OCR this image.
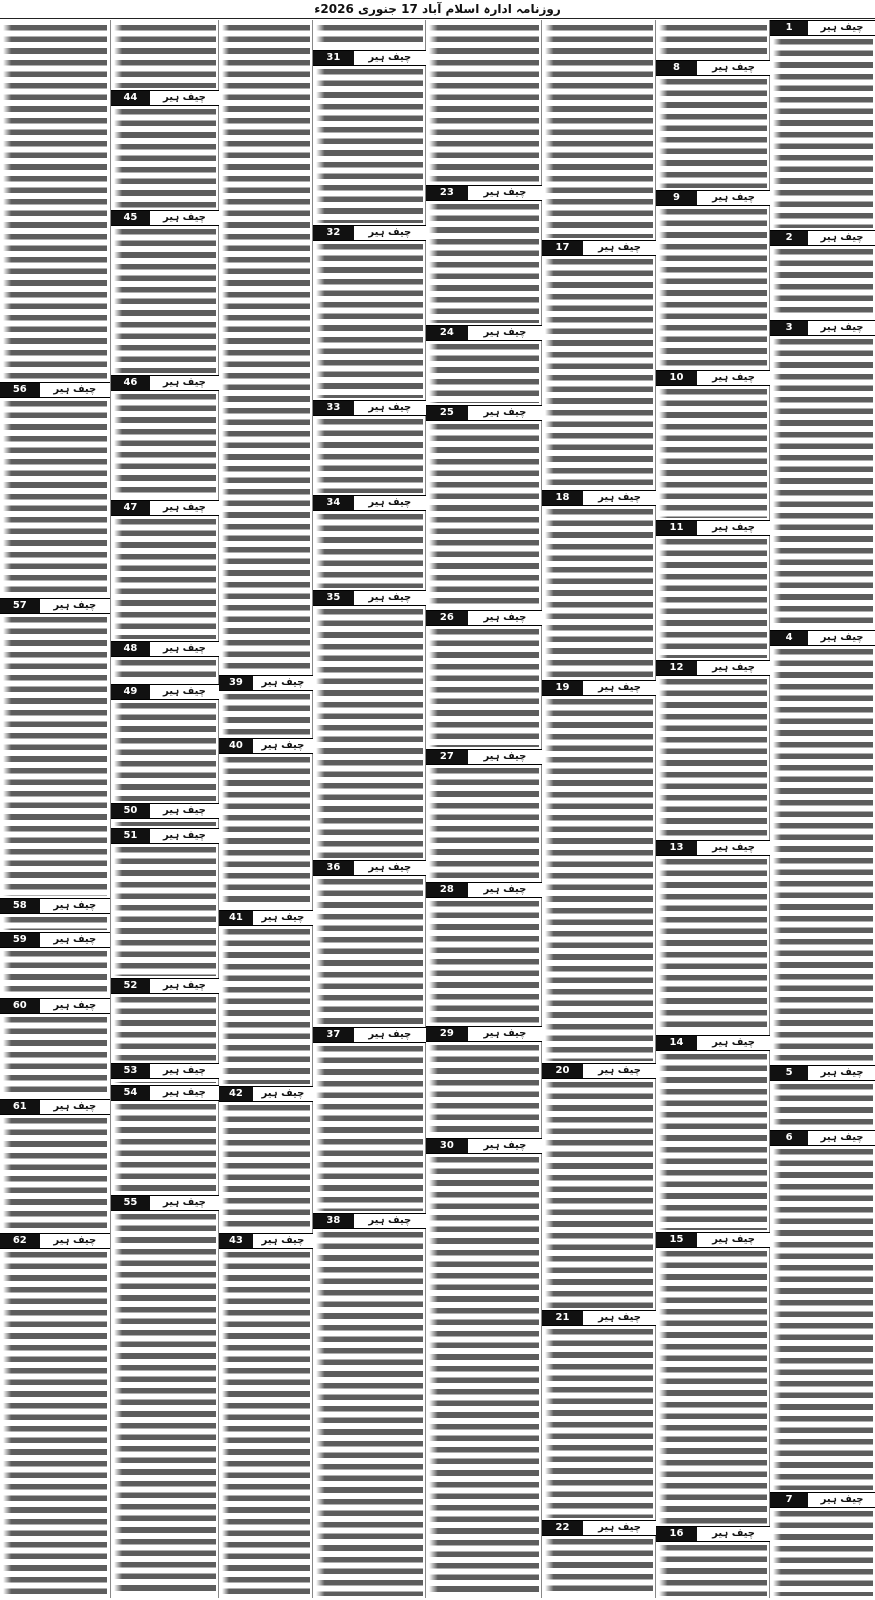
روزنامہ ادارہ اسلام آباد 17 جنوری 2026ء
1	چیف ہیر
2	چیف ہیر
3	چیف ہیر
4	چیف ہیر
5	چیف ہیر
6	چیف ہیر
7	چیف ہیر
8	چیف ہیر
9	چیف ہیر
10	چیف ہیر
11	چیف ہیر
12	چیف ہیر
13	چیف ہیر
14	چیف ہیر
15	چیف ہیر
16	چیف ہیر
17	چیف ہیر
18	چیف ہیر
19	چیف ہیر
20	چیف ہیر
21	چیف ہیر
22	چیف ہیر
23	چیف ہیر
24	چیف ہیر
25	چیف ہیر
26	چیف ہیر
27	چیف ہیر
28	چیف ہیر
29	چیف ہیر
30	چیف ہیر
31	چیف ہیر
32	چیف ہیر
33	چیف ہیر
34	چیف ہیر
35	چیف ہیر
36	چیف ہیر
37	چیف ہیر
38	چیف ہیر
39	چیف ہیر
40	چیف ہیر
41	چیف ہیر
42	چیف ہیر
43	چیف ہیر
44	چیف ہیر
45	چیف ہیر
46	چیف ہیر
47	چیف ہیر
48	چیف ہیر
49	چیف ہیر
50	چیف ہیر
51	چیف ہیر
52	چیف ہیر
53	چیف ہیر
54	چیف ہیر
55	چیف ہیر
56	چیف ہیر
57	چیف ہیر
58	چیف ہیر
59	چیف ہیر
60	چیف ہیر
61	چیف ہیر
62	چیف ہیر
